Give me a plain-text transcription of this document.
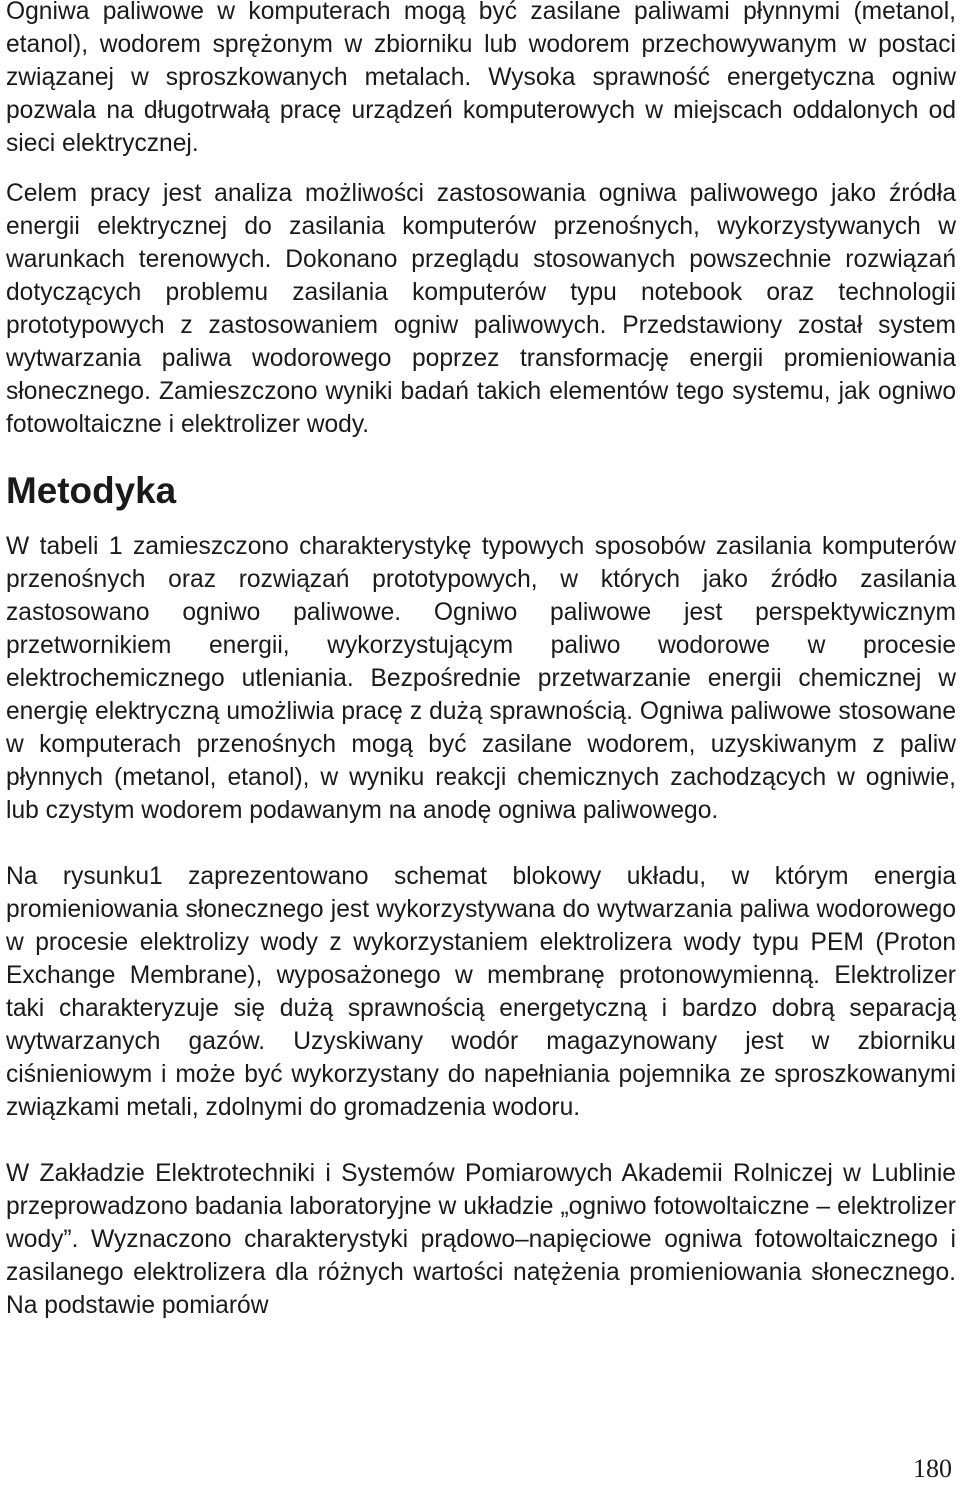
Ogniwa paliwowe w komputerach mogą być zasilane paliwami płynnymi (metanol, etanol), wodorem sprężonym w zbiorniku lub wodorem przechowywanym w postaci związanej w sproszkowanych metalach. Wysoka sprawność energetyczna ogniw pozwala na długotrwałą pracę urządzeń komputerowych w miejscach oddalonych od sieci elektrycznej.

Celem pracy jest analiza możliwości zastosowania ogniwa paliwowego jako źródła energii elektrycznej do zasilania komputerów przenośnych, wykorzystywanych w warunkach terenowych. Dokonano przeglądu stosowanych powszechnie rozwiązań dotyczących problemu zasilania komputerów typu notebook oraz technologii prototypowych z zastosowaniem ogniw paliwowych. Przedstawiony został system wytwarzania paliwa wodorowego poprzez transformację energii promieniowania słonecznego. Zamieszczono wyniki badań takich elementów tego systemu, jak ogniwo fotowoltaiczne i elektrolizer wody.

Metodyka

W tabeli 1 zamieszczono charakterystykę typowych sposobów zasilania komputerów przenośnych oraz rozwiązań prototypowych, w których jako źródło zasilania zastosowano ogniwo paliwowe. Ogniwo paliwowe jest perspektywicznym przetwornikiem energii, wykorzystującym paliwo wodorowe w procesie elektrochemicznego utleniania. Bezpośrednie przetwarzanie energii chemicznej w energię elektryczną umożliwia pracę z dużą sprawnością. Ogniwa paliwowe stosowane w komputerach przenośnych mogą być zasilane wodorem, uzyskiwanym z paliw płynnych (metanol, etanol), w wyniku reakcji chemicznych zachodzących w ogniwie, lub czystym wodorem podawanym na anodę ogniwa paliwowego.

Na rysunku1 zaprezentowano schemat blokowy układu, w którym energia promieniowania słonecznego jest wykorzystywana do wytwarzania paliwa wodorowego w procesie elektrolizy wody z wykorzystaniem elektrolizera wody typu PEM (Proton Exchange Membrane), wyposażonego w membranę protonowymienną. Elektrolizer taki charakteryzuje się dużą sprawnością energetyczną i bardzo dobrą separacją wytwarzanych gazów. Uzyskiwany wodór magazynowany jest w zbiorniku ciśnieniowym i może być wykorzystany do napełniania pojemnika ze sproszkowanymi związkami metali, zdolnymi do gromadzenia wodoru.

W Zakładzie Elektrotechniki i Systemów Pomiarowych Akademii Rolniczej w Lublinie przeprowadzono badania laboratoryjne w układzie „ogniwo fotowoltaiczne – elektrolizer wody”. Wyznaczono charakterystyki prądowo–napięciowe ogniwa fotowoltaicznego i zasilanego elektrolizera dla różnych wartości natężenia promieniowania słonecznego. Na podstawie pomiarów

180
